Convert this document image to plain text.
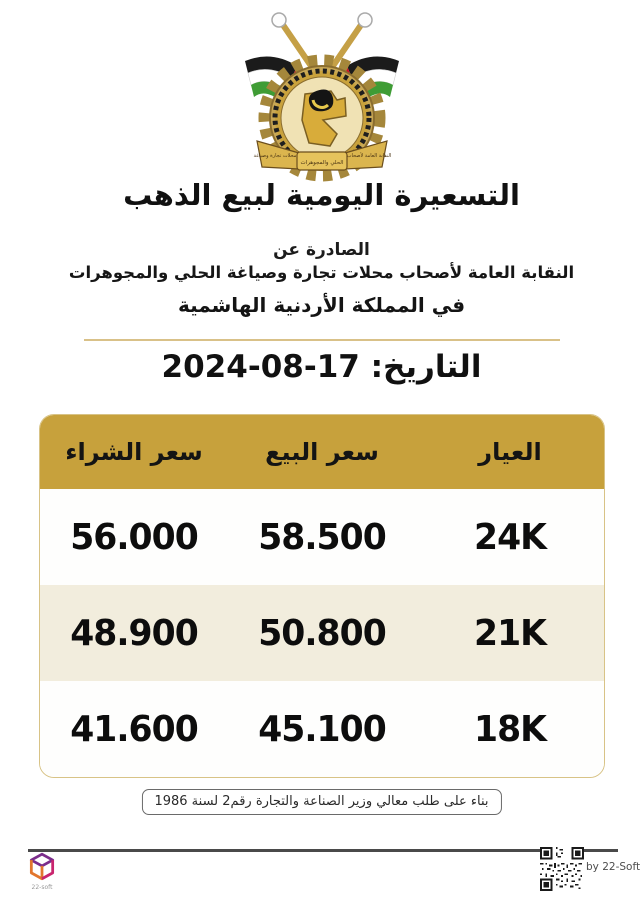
النقابة العامة لأصحاب
محلات تجارة وصياغة
الحلي والمجوهرات
التسعيرة اليومية لبيع الذهب
الصادرة عن
النقابة العامة لأصحاب محلات تجارة وصياغة الحلي والمجوهرات
في المملكة الأردنية الهاشمية
التاريخ: 17-08-2024
العيار
سعر البيع
سعر الشراء
24K
58.500
56.000
21K
50.800
48.900
18K
45.100
41.600
بناء على طلب معالي وزير الصناعة والتجارة رقم2 لسنة 1986
22-soft
by 22-Soft
